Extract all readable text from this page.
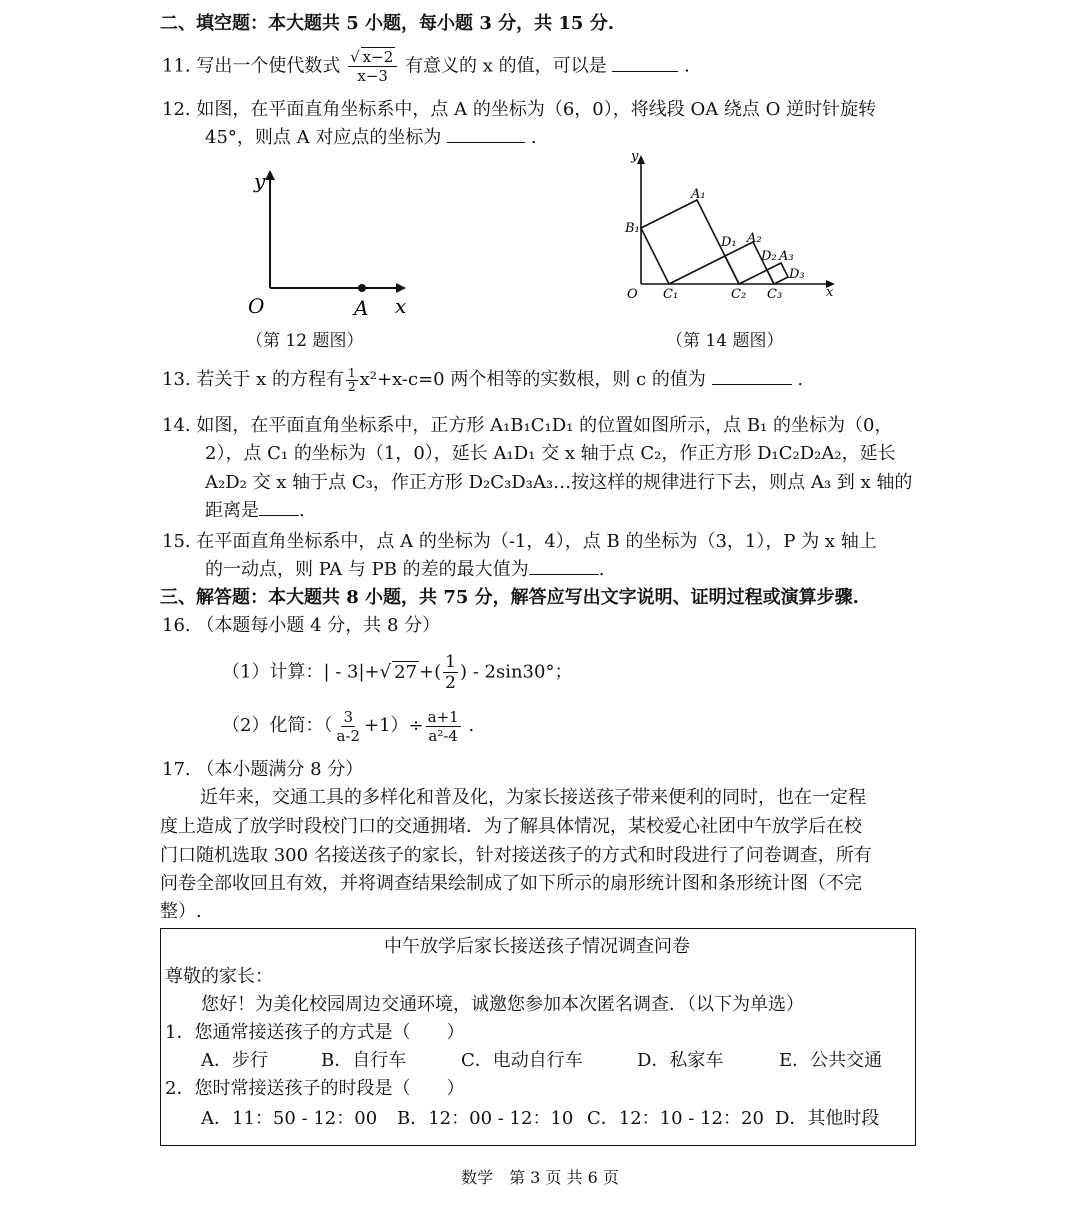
二、填空题：本大题共 5 小题，每小题 3 分，共 15 分.
11. 写出一个使代数式 $\frac{√ x-2}{x-3}$ 有意义的 x 的值，可以是	.
12. 如图，在平面直角坐标系中，点 A 的坐标为（6，0），将线段 OA 绕点 O 逆时针旋转
45°，则点 A 对应点的坐标为	.
y
x
O	A
（第 12 题图）
y
x
O
B₁
A₁
D₁ A₂
D₂ A₃
D₃
C₁	C₂ C₃
（第 14 题图）
13. 若关于 x 的方程有 $\frac{1}{2} x^2+x-c=0$ 两个相等的实数根，则 c 的值为	.
14. 如图，在平面直角坐标系中，正方形 A₁B₁C₁D₁ 的位置如图所示，点 B₁ 的坐标为（0，
2），点 C₁ 的坐标为（1，0），延长 A₁D₁ 交 x 轴于点 C₂，作正方形 D₁C₂D₂A₂，延长
A₂D₂ 交 x 轴于点 C₃，作正方形 D₂C₃D₃A₃…按这样的规律进行下去，则点 A₃ 到 x 轴的
距离是 .
15. 在平面直角坐标系中，点 A 的坐标为（-1，4），点 B 的坐标为（3，1），P 为 x 轴上
的一动点，则 PA 与 PB 的差的最大值为	.
三、解答题：本大题共 8 小题，共 75 分，解答应写出文字说明、证明过程或演算步骤.
16. （本题每小题 4 分，共 8 分）
（1）计算：| - 3|+√ 27 +( $\frac{1}{2}$ ) - 2sin30°；
（2）化简：（ $\frac{3}{a-2} +1)\div \frac{a+1}{\text{a²-4}}$ .
17. （本小题满分 8 分）
近年来，交通工具的多样化和普及化，为家长接送孩子带来便利的同时，也在一定程
度上造成了放学时段校门口的交通拥堵．为了解具体情况，某校爱心社团中午放学后在校
门口随机选取 300 名接送孩子的家长，针对接送孩子的方式和时段进行了问卷调查，所有
问卷全部收回且有效，并将调查结果绘制成了如下所示的扇形统计图和条形统计图（不完
整）.
中午放学后家长接送孩子情况调查问卷
尊敬的家长：
您好！为美化校园周边交通环境，诚邀您参加本次匿名调查．（以下为单选）
1．您通常接送孩子的方式是（　　）
A．步行	B．自行车	C．电动自行车	D．私家车	E．公共交通
2．您时常接送孩子的时段是（　　）
A．11：50 - 12：00 B．12：00 - 12：10 C．12：10 - 12：20 D．其他时段
数学　第 3 页 共 6 页
